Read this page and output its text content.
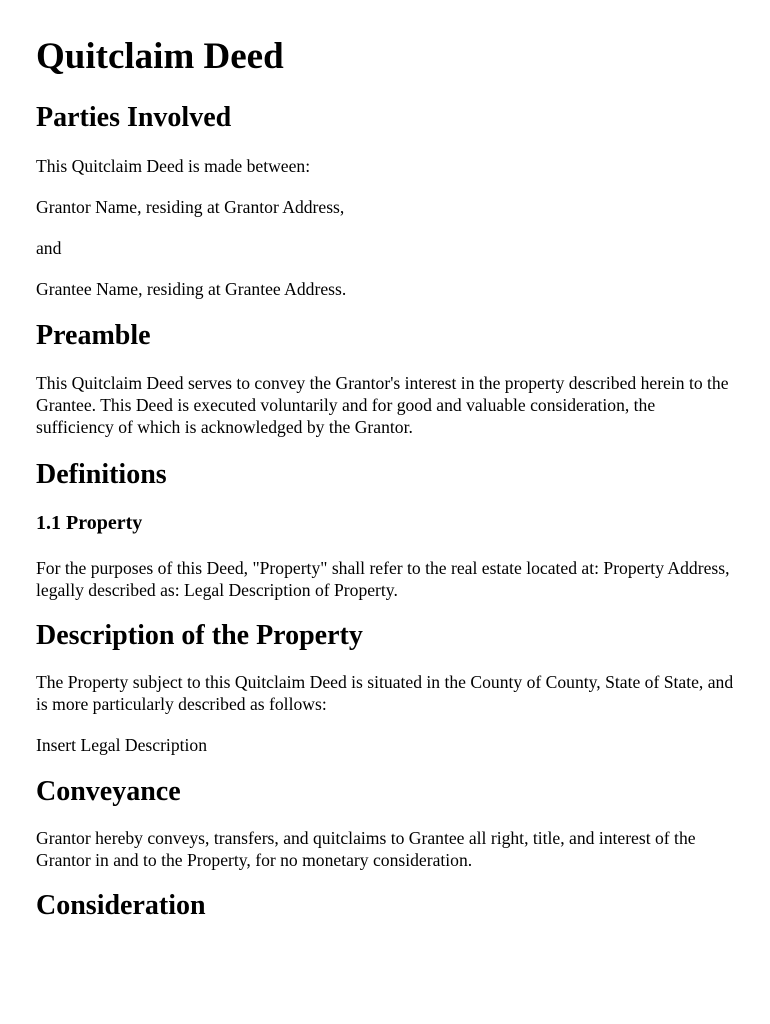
Quitclaim Deed
Parties Involved

This Quitclaim Deed is made between:

Grantor Name, residing at Grantor Address,

and

Grantee Name, residing at Grantee Address.

Preamble

This Quitclaim Deed serves to convey the Grantor's interest in the property described herein to the Grantee. This Deed is executed voluntarily and for good and valuable consideration, the sufficiency of which is acknowledged by the Grantor.

Definitions
1.1 Property

For the purposes of this Deed, "Property" shall refer to the real estate located at: Property Address, legally described as: Legal Description of Property.

Description of the Property

The Property subject to this Quitclaim Deed is situated in the County of County, State of State, and is more particularly described as follows:

Insert Legal Description

Conveyance

Grantor hereby conveys, transfers, and quitclaims to Grantee all right, title, and interest of the Grantor in and to the Property, for no monetary consideration.

Consideration
